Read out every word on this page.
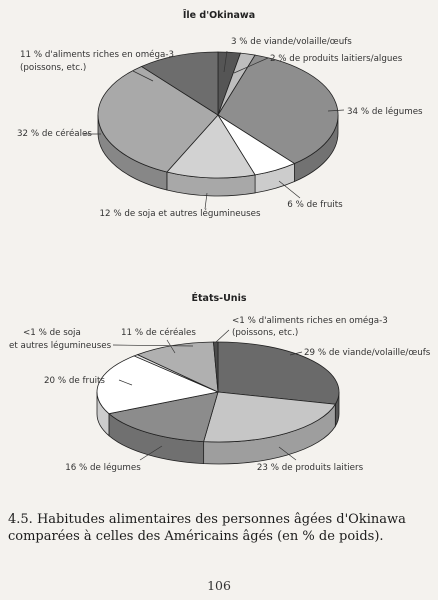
Île d'Okinawa
3 % de viande/volaille/œufs
2 % de produits laitiers/algues
34 % de légumes
6 % de fruits
12 % de soja et autres légumineuses
32 % de céréales
11 % d'aliments riches en oméga-3
(poissons, etc.)
États-Unis
29 % de viande/volaille/œufs
23 % de produits laitiers
16 % de légumes
20 % de fruits
<1 % de soja
et autres légumineuses
11 % de céréales
<1 % d'aliments riches en oméga-3
(poissons, etc.)
4.5. Habitudes alimentaires des personnes âgées d'Okinawa comparées à celles des Américains âgés (en % de poids).
106
